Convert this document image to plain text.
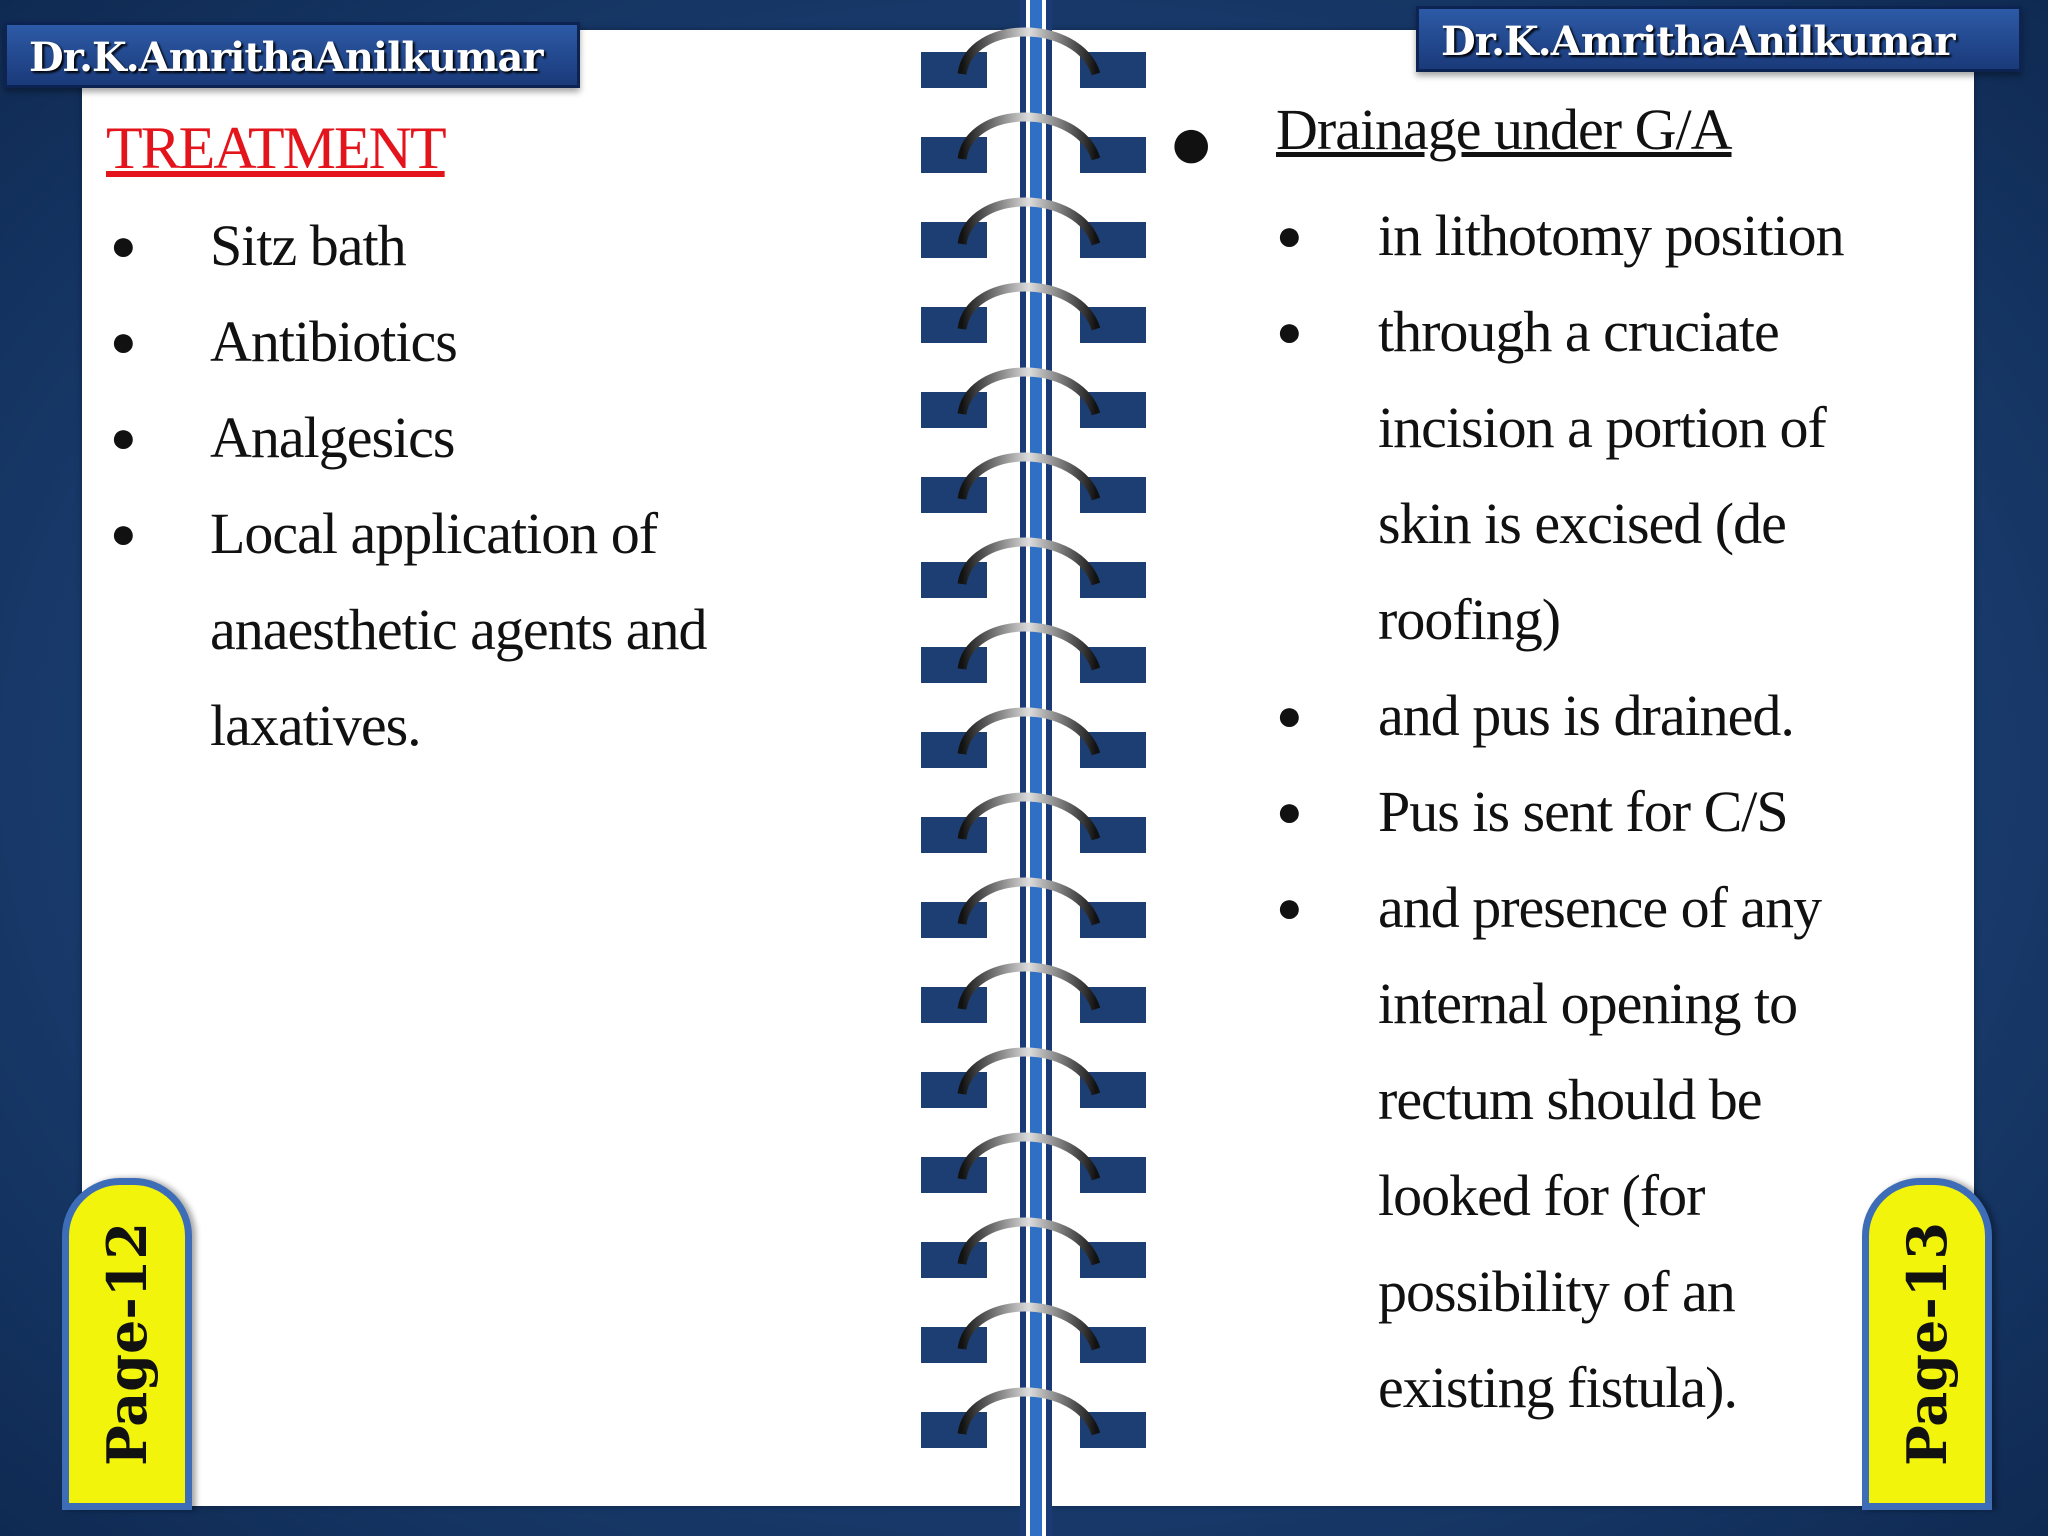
Dr.K.AmrithaAnilkumar	Dr.K.AmrithaAnilkumar
TREATMENT
● Sitz bath
● Antibiotics
● Analgesics
● Local application of anaesthetic agents and laxatives.
● Drainage under G/A
● in lithotomy position
● through a cruciate incision a portion of skin is excised (de roofing)
● and pus is drained.
● Pus is sent for C/S
● and presence of any internal opening to rectum should be looked for (for possibility of an existing fistula).
Page-12	Page-13
